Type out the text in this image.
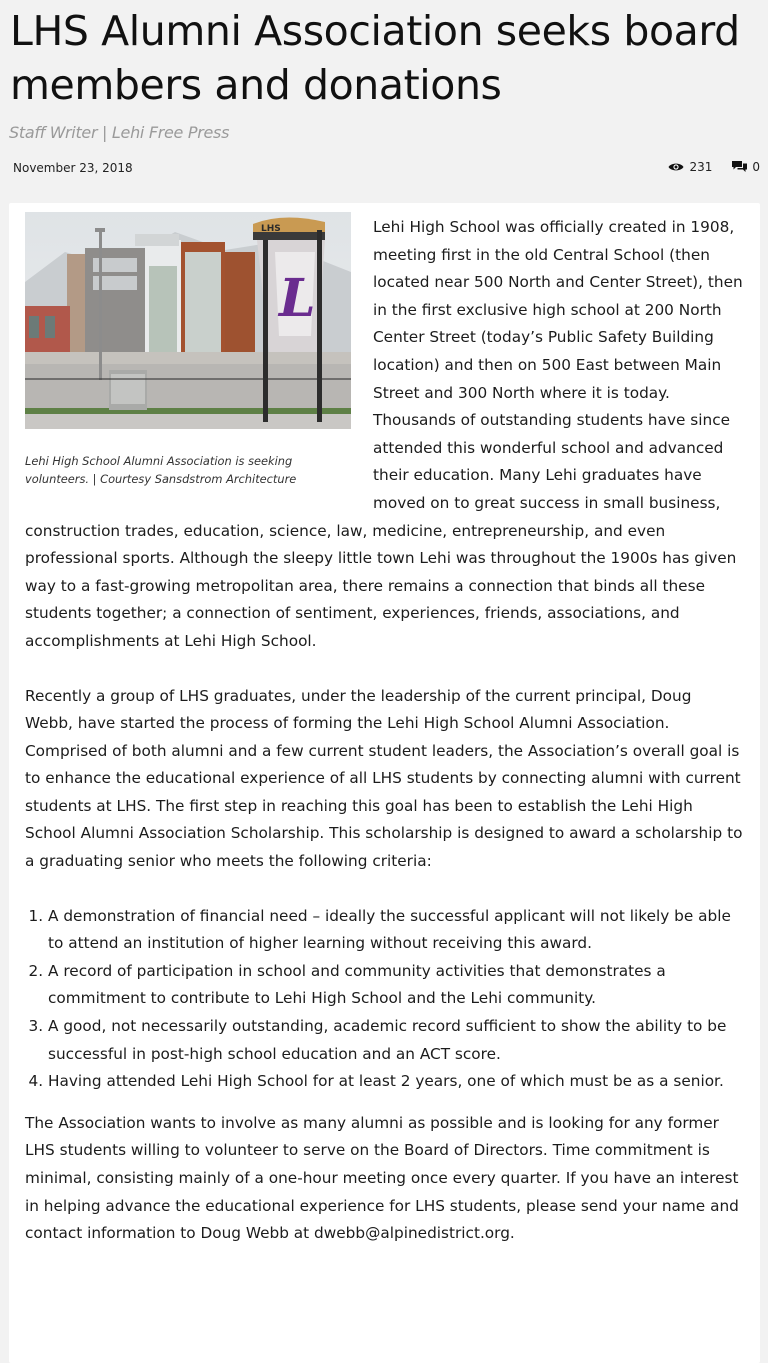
LHS Alumni Association seeks board members and donations
Staff Writer | Lehi Free Press
November 23, 2018	231	0
LHS
L
Lehi High School Alumni Association is seeking volunteers. | Courtesy Sansdstrom Architecture

Lehi High School was officially created in 1908, meeting first in the old Central School (then located near 500 North and Center Street), then in the first exclusive high school at 200 North Center Street (today’s Public Safety Building location) and then on 500 East between Main Street and 300 North where it is today. Thousands of outstanding students have since attended this wonderful school and advanced their education. Many Lehi graduates have moved on to great success in small business, construction trades, education, science, law, medicine, entrepreneurship, and even professional sports. Although the sleepy little town Lehi was throughout the 1900s has given way to a fast-growing metropolitan area, there remains a connection that binds all these students together; a connection of sentiment, experiences, friends, associations, and accomplishments at Lehi High School.

Recently a group of LHS graduates, under the leadership of the current principal, Doug Webb, have started the process of forming the Lehi High School Alumni Association. Comprised of both alumni and a few current student leaders, the Association’s overall goal is to enhance the educational experience of all LHS students by connecting alumni with current students at LHS. The first step in reaching this goal has been to establish the Lehi High School Alumni Association Scholarship. This scholarship is designed to award a scholarship to a graduating senior who meets the following criteria:

1. A demonstration of financial need – ideally the successful applicant will not likely be able to attend an institution of higher learning without receiving this award.
2. A record of participation in school and community activities that demonstrates a commitment to contribute to Lehi High School and the Lehi community.
3. A good, not necessarily outstanding, academic record sufficient to show the ability to be successful in post-high school education and an ACT score.
4. Having attended Lehi High School for at least 2 years, one of which must be as a senior.

The Association wants to involve as many alumni as possible and is looking for any former LHS students willing to volunteer to serve on the Board of Directors. Time commitment is minimal, consisting mainly of a one-hour meeting once every quarter. If you have an interest in helping advance the educational experience for LHS students, please send your name and contact information to Doug Webb at dwebb@alpinedistrict.org.
